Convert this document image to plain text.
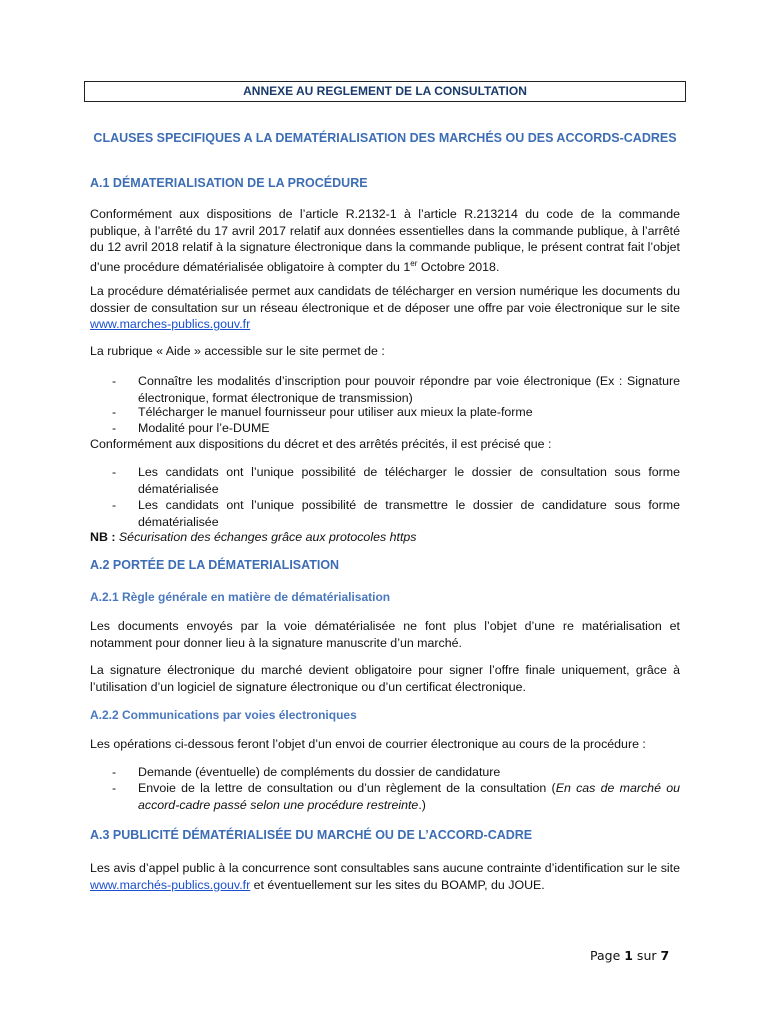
ANNEXE AU REGLEMENT DE LA CONSULTATION
CLAUSES SPECIFIQUES A LA DEMATÉRIALISATION DES MARCHÉS OU DES ACCORDS-CADRES
A.1 DÉMATERIALISATION DE LA PROCÉDURE

Conformément aux dispositions de l’article R.2132-1 à l’article R.213214 du code de la commande publique, à l’arrêté du 17 avril 2017 relatif aux données essentielles dans la commande publique, à l’arrêté du 12 avril 2018 relatif à la signature électronique dans la commande publique, le présent contrat fait l’objet d’une procédure dématérialisée obligatoire à compter du 1er Octobre 2018.

La procédure dématérialisée permet aux candidats de télécharger en version numérique les documents du dossier de consultation sur un réseau électronique et de déposer une offre par voie électronique sur le site www.marches-publics.gouv.fr

La rubrique « Aide » accessible sur le site permet de :

-	Connaître les modalités d’inscription pour pouvoir répondre par voie électronique (Ex : Signature électronique, format électronique de transmission)
-	Télécharger le manuel fournisseur pour utiliser aux mieux la plate-forme
-	Modalité pour l’e-DUME

Conformément aux dispositions du décret et des arrêtés précités, il est précisé que :

-	Les candidats ont l’unique possibilité de télécharger le dossier de consultation sous forme dématérialisée
-	Les candidats ont l’unique possibilité de transmettre le dossier de candidature sous forme dématérialisée

NB : Sécurisation des échanges grâce aux protocoles https

A.2 PORTÉE DE LA DÉMATERIALISATION
A.2.1 Règle générale en matière de dématérialisation

Les documents envoyés par la voie dématérialisée ne font plus l’objet d’une re matérialisation et notamment pour donner lieu à la signature manuscrite d’un marché.

La signature électronique du marché devient obligatoire pour signer l’offre finale uniquement, grâce à l’utilisation d’un logiciel de signature électronique ou d’un certificat électronique.

A.2.2 Communications par voies électroniques

Les opérations ci-dessous feront l’objet d’un envoi de courrier électronique au cours de la procédure :

-	Demande (éventuelle) de compléments du dossier de candidature
-	Envoie de la lettre de consultation ou d’un règlement de la consultation (En cas de marché ou accord-cadre passé selon une procédure restreinte.)
A.3 PUBLICITÉ DÉMATÉRIALISÉE DU MARCHÉ OU DE L’ACCORD-CADRE

Les avis d’appel public à la concurrence sont consultables sans aucune contrainte d’identification sur le site www.marchés-publics.gouv.fr et éventuellement sur les sites du BOAMP, du JOUE.

Page 1 sur 7
